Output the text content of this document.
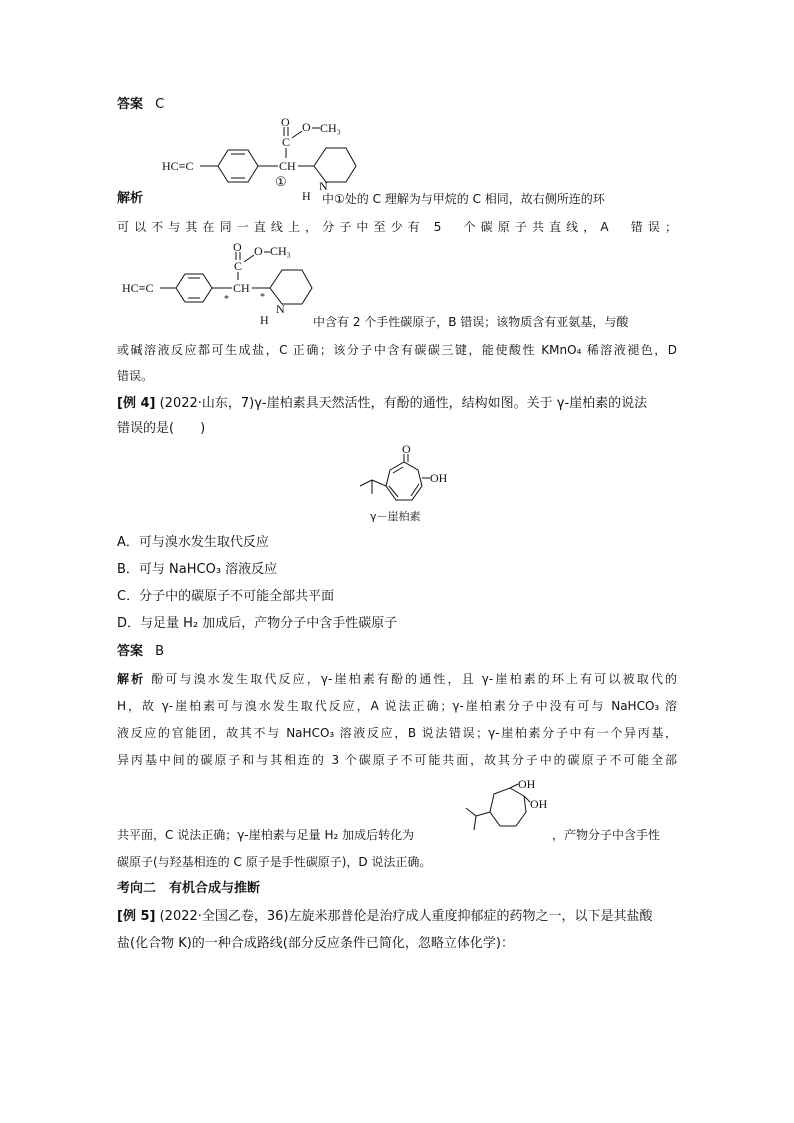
答案 C
HC≡C	CH
C
O O CH₃
①	N
H
解析	中①处的 C 理解为与甲烷的 C 相同，故右侧所连的环
可以不与其在同一直线上，分子中至少有 5　个碳原子共直线，A　错误；
HC≡C
*
CH
C
O O CH₃
*
N
H	中含有 2 个手性碳原子，B 错误；该物质含有亚氨基，与酸
或碱溶液反应都可生成盐，C 正确；该分子中含有碳碳三键，能使酸性 KMnO₄ 稀溶液褪色，D
错误。
[例 4] (2022·山东，7)γ-崖柏素具天然活性，有酚的通性，结构如图。关于 γ-崖柏素的说法
错误的是(　　)
O
OH
γ－崖柏素
A．可与溴水发生取代反应
B．可与 NaHCO₃ 溶液反应
C．分子中的碳原子不可能全部共平面
D．与足量 H₂ 加成后，产物分子中含手性碳原子
答案 B
解析 酚可与溴水发生取代反应，γ-崖柏素有酚的通性，且 γ-崖柏素的环上有可以被取代的
H，故 γ-崖柏素可与溴水发生取代反应，A 说法正确；γ-崖柏素分子中没有可与 NaHCO₃ 溶
液反应的官能团，故其不与 NaHCO₃ 溶液反应，B 说法错误；γ-崖柏素分子中有一个异丙基，
异丙基中间的碳原子和与其相连的 3 个碳原子不可能共面，故其分子中的碳原子不可能全部
共平面，C 说法正确；γ-崖柏素与足量 H₂ 加成后转化为
OH
OH
，产物分子中含手性
碳原子(与羟基相连的 C 原子是手性碳原子)，D 说法正确。
考向二　有机合成与推断
[例 5] (2022·全国乙卷，36)左旋米那普伦是治疗成人重度抑郁症的药物之一，以下是其盐酸
盐(化合物 K)的一种合成路线(部分反应条件已简化，忽略立体化学)：
